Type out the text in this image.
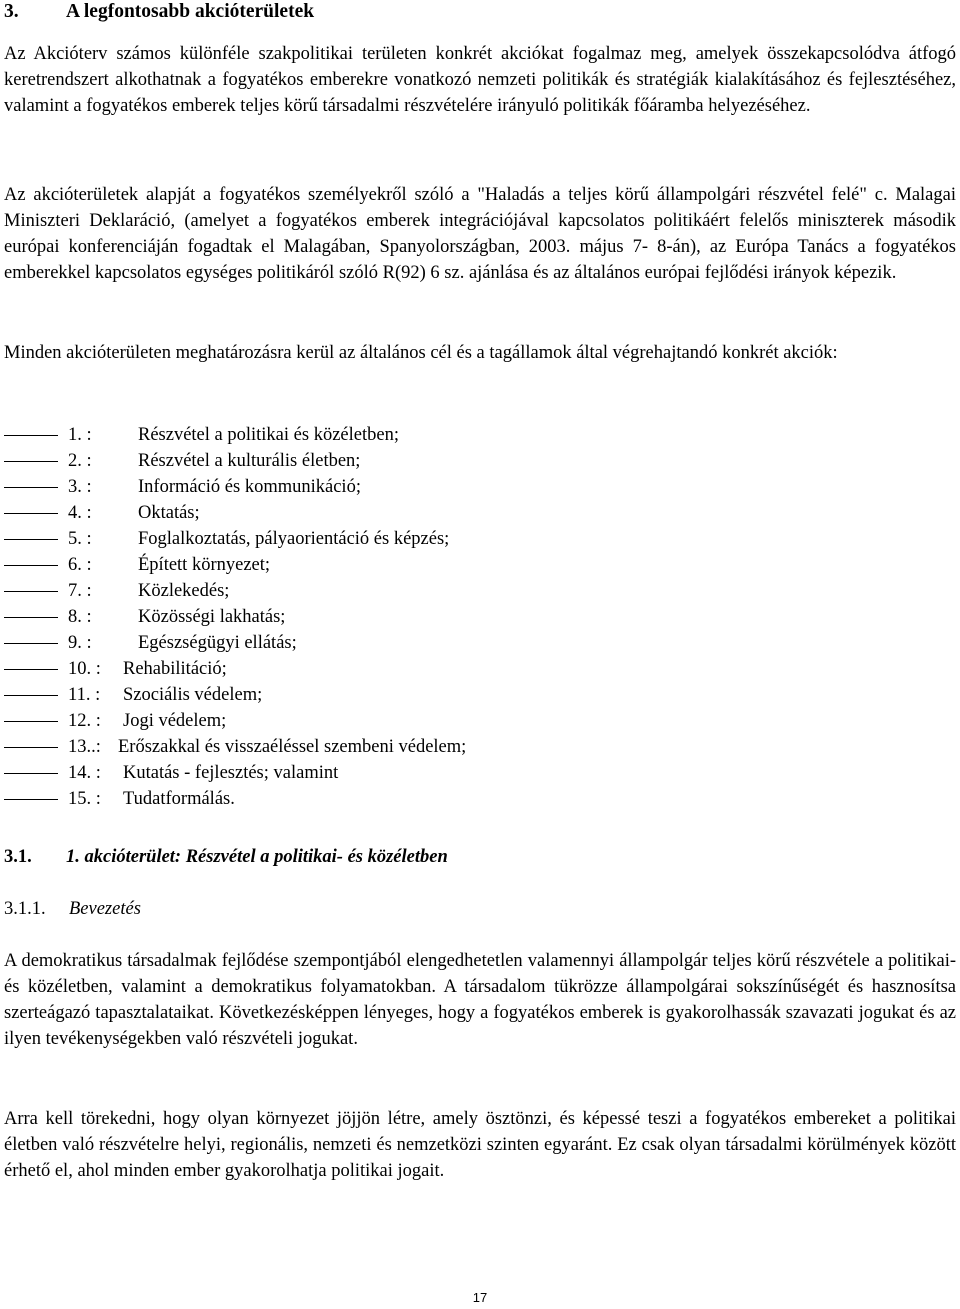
3. A legfontosabb akcióterületek

Az Akcióterv számos különféle szakpolitikai területen konkrét akciókat fogalmaz meg, amelyek összekapcsolódva átfogó keretrendszert alkothatnak a fogyatékos emberekre vonatkozó nemzeti politikák és stratégiák kialakításához és fejlesztéséhez, valamint a fogyatékos emberek teljes körű társadalmi részvételére irányuló politikák főáramba helyezéséhez.

Az akcióterületek alapját a fogyatékos személyekről szóló a "Haladás a teljes körű állampolgári részvétel felé" c. Malagai Miniszteri Deklaráció, (amelyet a fogyatékos emberek integrációjával kapcsolatos politikáért felelős miniszterek második európai konferenciáján fogadtak el Malagában, Spanyolországban, 2003. május 7- 8-án), az Európa Tanács a fogyatékos emberekkel kapcsolatos egységes politikáról szóló R(92) 6 sz. ajánlása és az általános európai fejlődési irányok képezik.

Minden akcióterületen meghatározásra kerül az általános cél és a tagállamok által végrehajtandó konkrét akciók:

1. :	Részvétel a politikai és közéletben;
2. :	Részvétel a kulturális életben;
3. :	Információ és kommunikáció;
4. :	Oktatás;
5. :	Foglalkoztatás, pályaorientáció és képzés;
6. :	Épített környezet;
7. :	Közlekedés;
8. :	Közösségi lakhatás;
9. :	Egészségügyi ellátás;
10. : Rehabilitáció;
11. : Szociális védelem;
12. : Jogi védelem;
13..: Erőszakkal és visszaéléssel szembeni védelem;
14. : Kutatás - fejlesztés; valamint
15. : Tudatformálás.
3.1. 1. akcióterület: Részvétel a politikai- és közéletben
3.1.1. Bevezetés

A demokratikus társadalmak fejlődése szempontjából elengedhetetlen valamennyi állampolgár teljes körű részvétele a politikai- és közéletben, valamint a demokratikus folyamatokban. A társadalom tükrözze állampolgárai sokszínűségét és hasznosítsa szerteágazó tapasztalataikat. Következésképpen lényeges, hogy a fogyatékos emberek is gyakorolhassák szavazati jogukat és az ilyen tevékenységekben való részvételi jogukat.

Arra kell törekedni, hogy olyan környezet jöjjön létre, amely ösztönzi, és képessé teszi a fogyatékos embereket a politikai életben való részvételre helyi, regionális, nemzeti és nemzetközi szinten egyaránt. Ez csak olyan társadalmi körülmények között érhető el, ahol minden ember gyakorolhatja politikai jogait.

17
